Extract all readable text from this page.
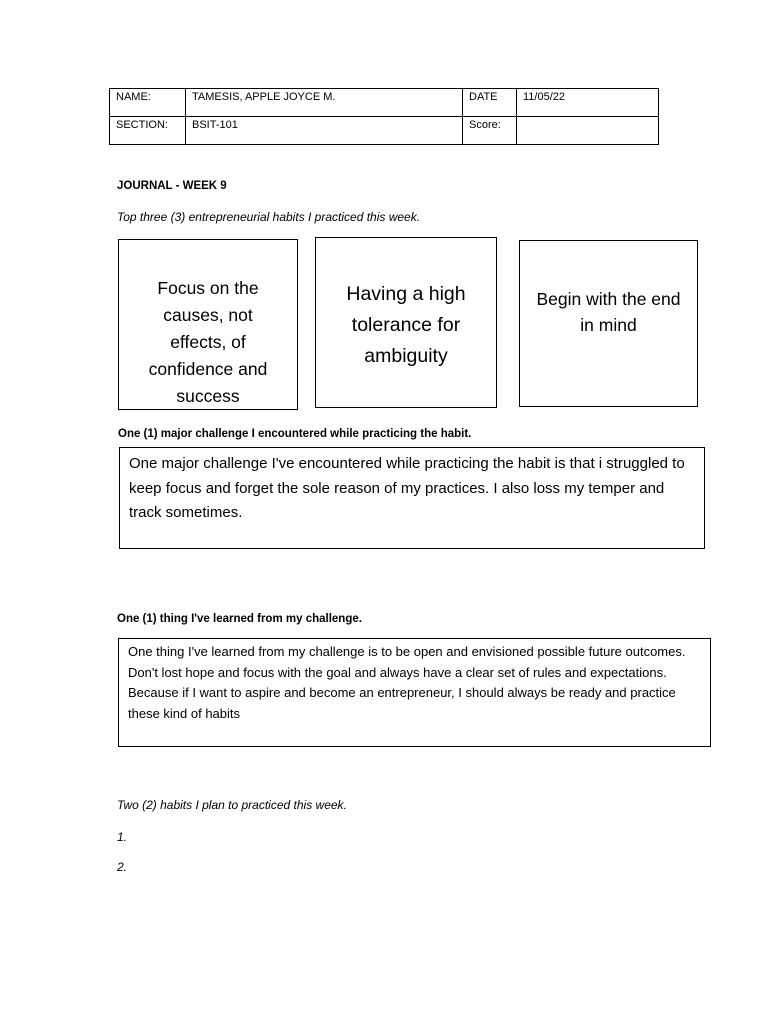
NAME:	TAMESIS, APPLE JOYCE M.	DATE	11/05/22
SECTION:	BSIT-101	Score:	
JOURNAL - WEEK 9
Top three (3) entrepreneurial habits I practiced this week.
Focus on the causes, not effects, of confidence and success
Having a high tolerance for ambiguity
Begin with the end in mind
One (1) major challenge I encountered while practicing the habit.
One major challenge I've encountered while practicing the habit is that i struggled to keep focus and forget the sole reason of my practices. I also loss my temper and track sometimes.
One (1) thing I've learned from my challenge.
One thing I've learned from my challenge is to be open and envisioned possible future outcomes. Don't lost hope and focus with the goal and always have a clear set of rules and expectations. Because if I want to aspire and become an entrepreneur, I should always be ready and practice these kind of habits
Two (2) habits I plan to practiced this week.
1.
2.
